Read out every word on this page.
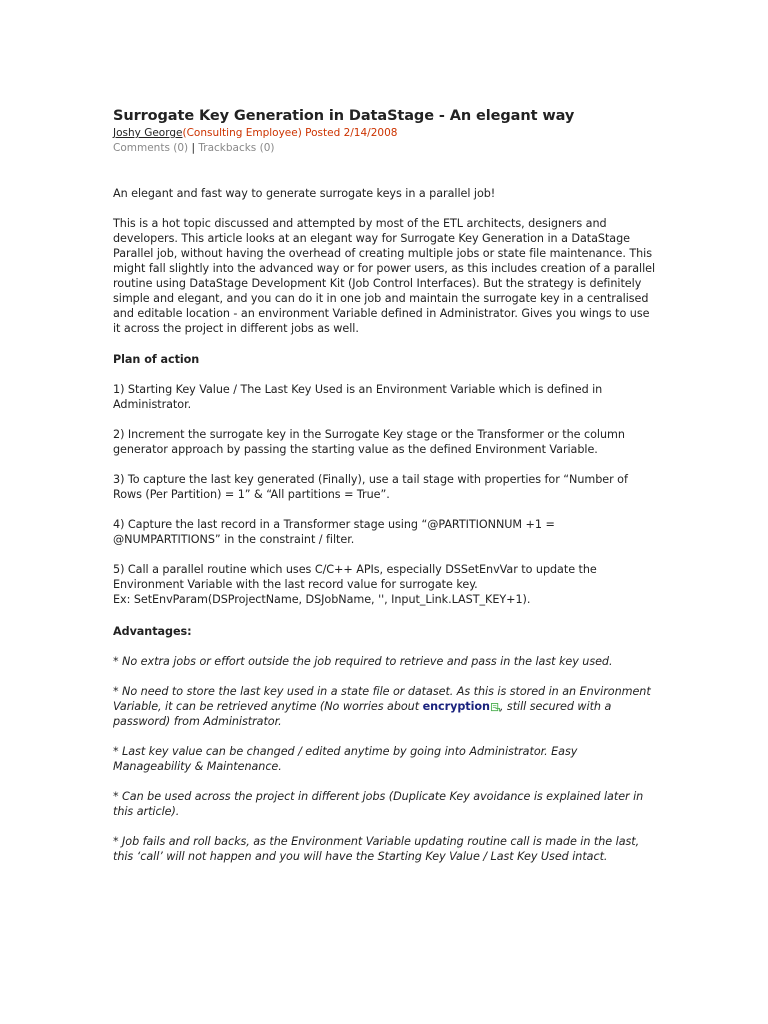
Surrogate Key Generation in DataStage - An elegant way
Joshy George(Consulting Employee) Posted 2/14/2008
Comments (0) | Trackbacks (0)

An elegant and fast way to generate surrogate keys in a parallel job!

This is a hot topic discussed and attempted by most of the ETL architects, designers and developers. This article looks at an elegant way for Surrogate Key Generation in a DataStage Parallel job, without having the overhead of creating multiple jobs or state file maintenance. This might fall slightly into the advanced way or for power users, as this includes creation of a parallel routine using DataStage Development Kit (Job Control Interfaces). But the strategy is definitely simple and elegant, and you can do it in one job and maintain the surrogate key in a centralised and editable location - an environment Variable defined in Administrator. Gives you wings to use it across the project in different jobs as well.

Plan of action

1) Starting Key Value / The Last Key Used is an Environment Variable which is defined in Administrator.

2) Increment the surrogate key in the Surrogate Key stage or the Transformer or the column generator approach by passing the starting value as the defined Environment Variable.

3) To capture the last key generated (Finally), use a tail stage with properties for “Number of Rows (Per Partition) = 1” & “All partitions = True”.

4) Capture the last record in a Transformer stage using “@PARTITIONNUM +1 = @NUMPARTITIONS” in the constraint / filter.

5) Call a parallel routine which uses C/C++ APIs, especially DSSetEnvVar to update the Environment Variable with the last record value for surrogate key.

Ex: SetEnvParam(DSProjectName, DSJobName, '', Input_Link.LAST_KEY+1).

Advantages:

* No extra jobs or effort outside the job required to retrieve and pass in the last key used.

* No need to store the last key used in a state file or dataset. As this is stored in an Environment Variable, it can be retrieved anytime (No worries about encryption , still secured with a password) from Administrator.

* Last key value can be changed / edited anytime by going into Administrator. Easy Manageability & Maintenance.

* Can be used across the project in different jobs (Duplicate Key avoidance is explained later in this article).

* Job fails and roll backs, as the Environment Variable updating routine call is made in the last, this ‘call’ will not happen and you will have the Starting Key Value / Last Key Used intact.
